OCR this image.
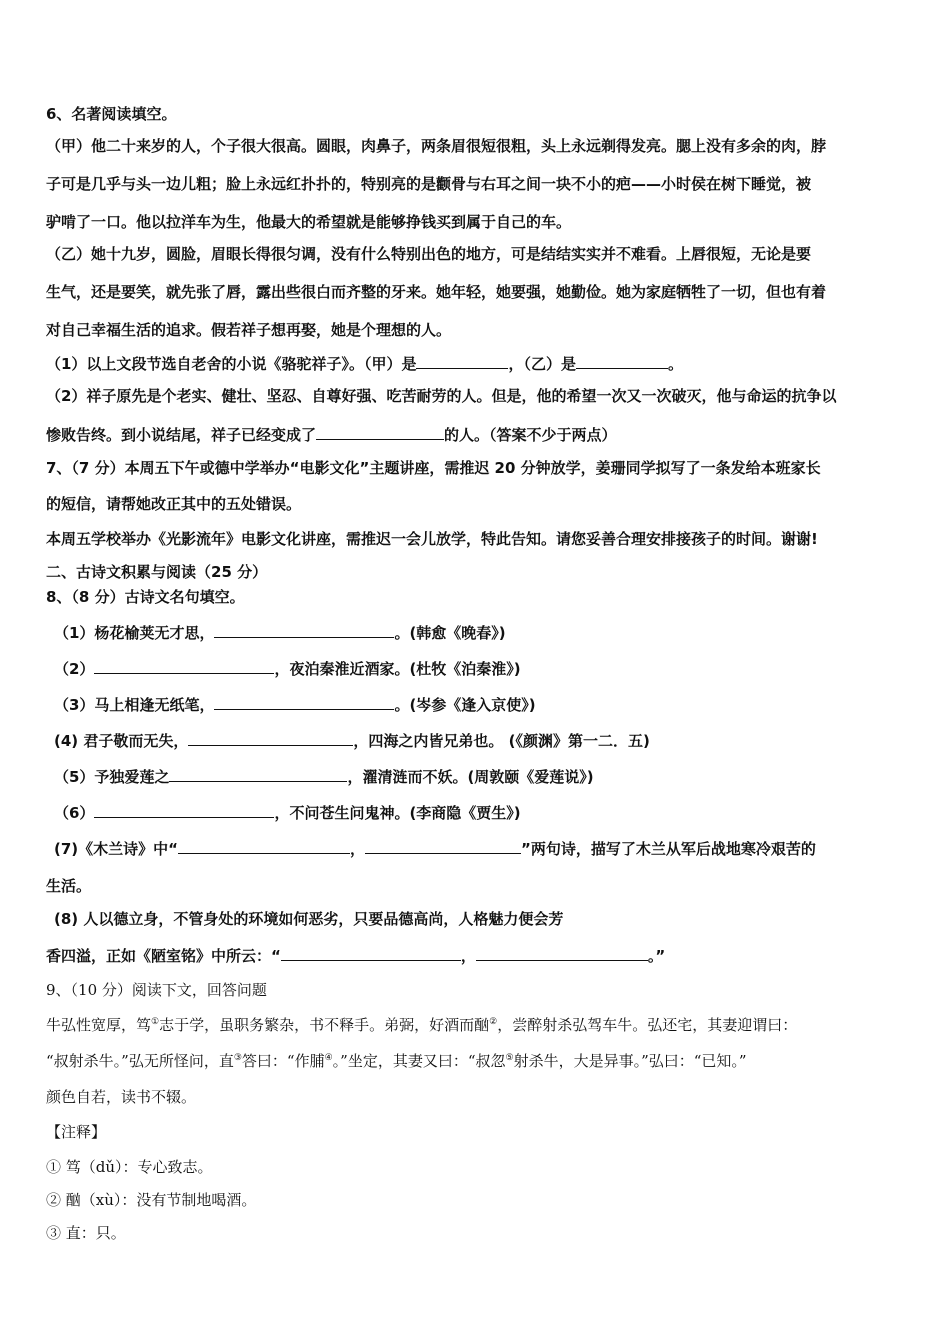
6、名著阅读填空。
（甲）他二十来岁的人，个子很大很高。圆眼，肉鼻子，两条眉很短很粗，头上永远剃得发亮。腮上没有多余的肉，脖
子可是几乎与头一边儿粗；脸上永远红扑扑的，特别亮的是颧骨与右耳之间一块不小的疤——小时侯在树下睡觉，被
驴啃了一口。他以拉洋车为生，他最大的希望就是能够挣钱买到属于自己的车。
（乙）她十九岁，圆脸，眉眼长得很匀调，没有什么特别出色的地方，可是结结实实并不难看。上唇很短，无论是要
生气，还是要笑，就先张了唇，露出些很白而齐整的牙来。她年轻，她要强，她勤俭。她为家庭牺牲了一切，但也有着
对自己幸福生活的追求。假若祥子想再娶，她是个理想的人。
（1）以上文段节选自老舍的小说《骆驼祥子》。（甲）是	，（乙）是	。
（2）祥子原先是个老实、健壮、坚忍、自尊好强、吃苦耐劳的人。但是，他的希望一次又一次破灭，他与命运的抗争以
惨败告终。到小说结尾，祥子已经变成了	的人。（答案不少于两点）
7、（7 分）本周五下午或德中学举办“电影文化”主题讲座，需推迟 20 分钟放学，姜珊同学拟写了一条发给本班家长
的短信，请帮她改正其中的五处错误。
本周五学校举办《光影流年》电影文化讲座，需推迟一会儿放学，特此告知。请您妥善合理安排接孩子的时间。谢谢!
二、古诗文积累与阅读（25 分）
8、（8 分）古诗文名句填空。
（1）杨花榆荚无才思，	。(韩愈《晚春》)
（2）	，夜泊秦淮近酒家。(杜牧《泊秦淮》)
（3）马上相逢无纸笔，	。(岑参《逢入京使》)
(4) 君子敬而无失，	，四海之内皆兄弟也。 (《颜渊》第一二．五)
（5）予独爱莲之	，濯清涟而不妖。(周敦颐《爱莲说》)
（6）	，不问苍生问鬼神。(李商隐《贾生》)
(7)《木兰诗》中“	，	”两句诗，描写了木兰从军后战地寒冷艰苦的
生活。
(8) 人以德立身，不管身处的环境如何恶劣，只要品德高尚，人格魅力便会芳
香四溢，正如《陋室铭》中所云：“	，	。”
9、（10 分）阅读下文，回答问题
牛弘性宽厚，笃①志于学，虽职务繁杂，书不释手。弟弼，好酒而酗②，尝醉射杀弘驾车牛。弘还宅，其妻迎谓曰：
“叔射杀牛。”弘无所怪问，直③答曰：“作脯④。”坐定，其妻又曰：“叔忽⑤射杀牛，大是异事。”弘曰：“已知。”
颜色自若，读书不辍。
【注释】
① 笃（dǔ）：专心致志。
② 酗（xù）：没有节制地喝酒。
③ 直：只。
